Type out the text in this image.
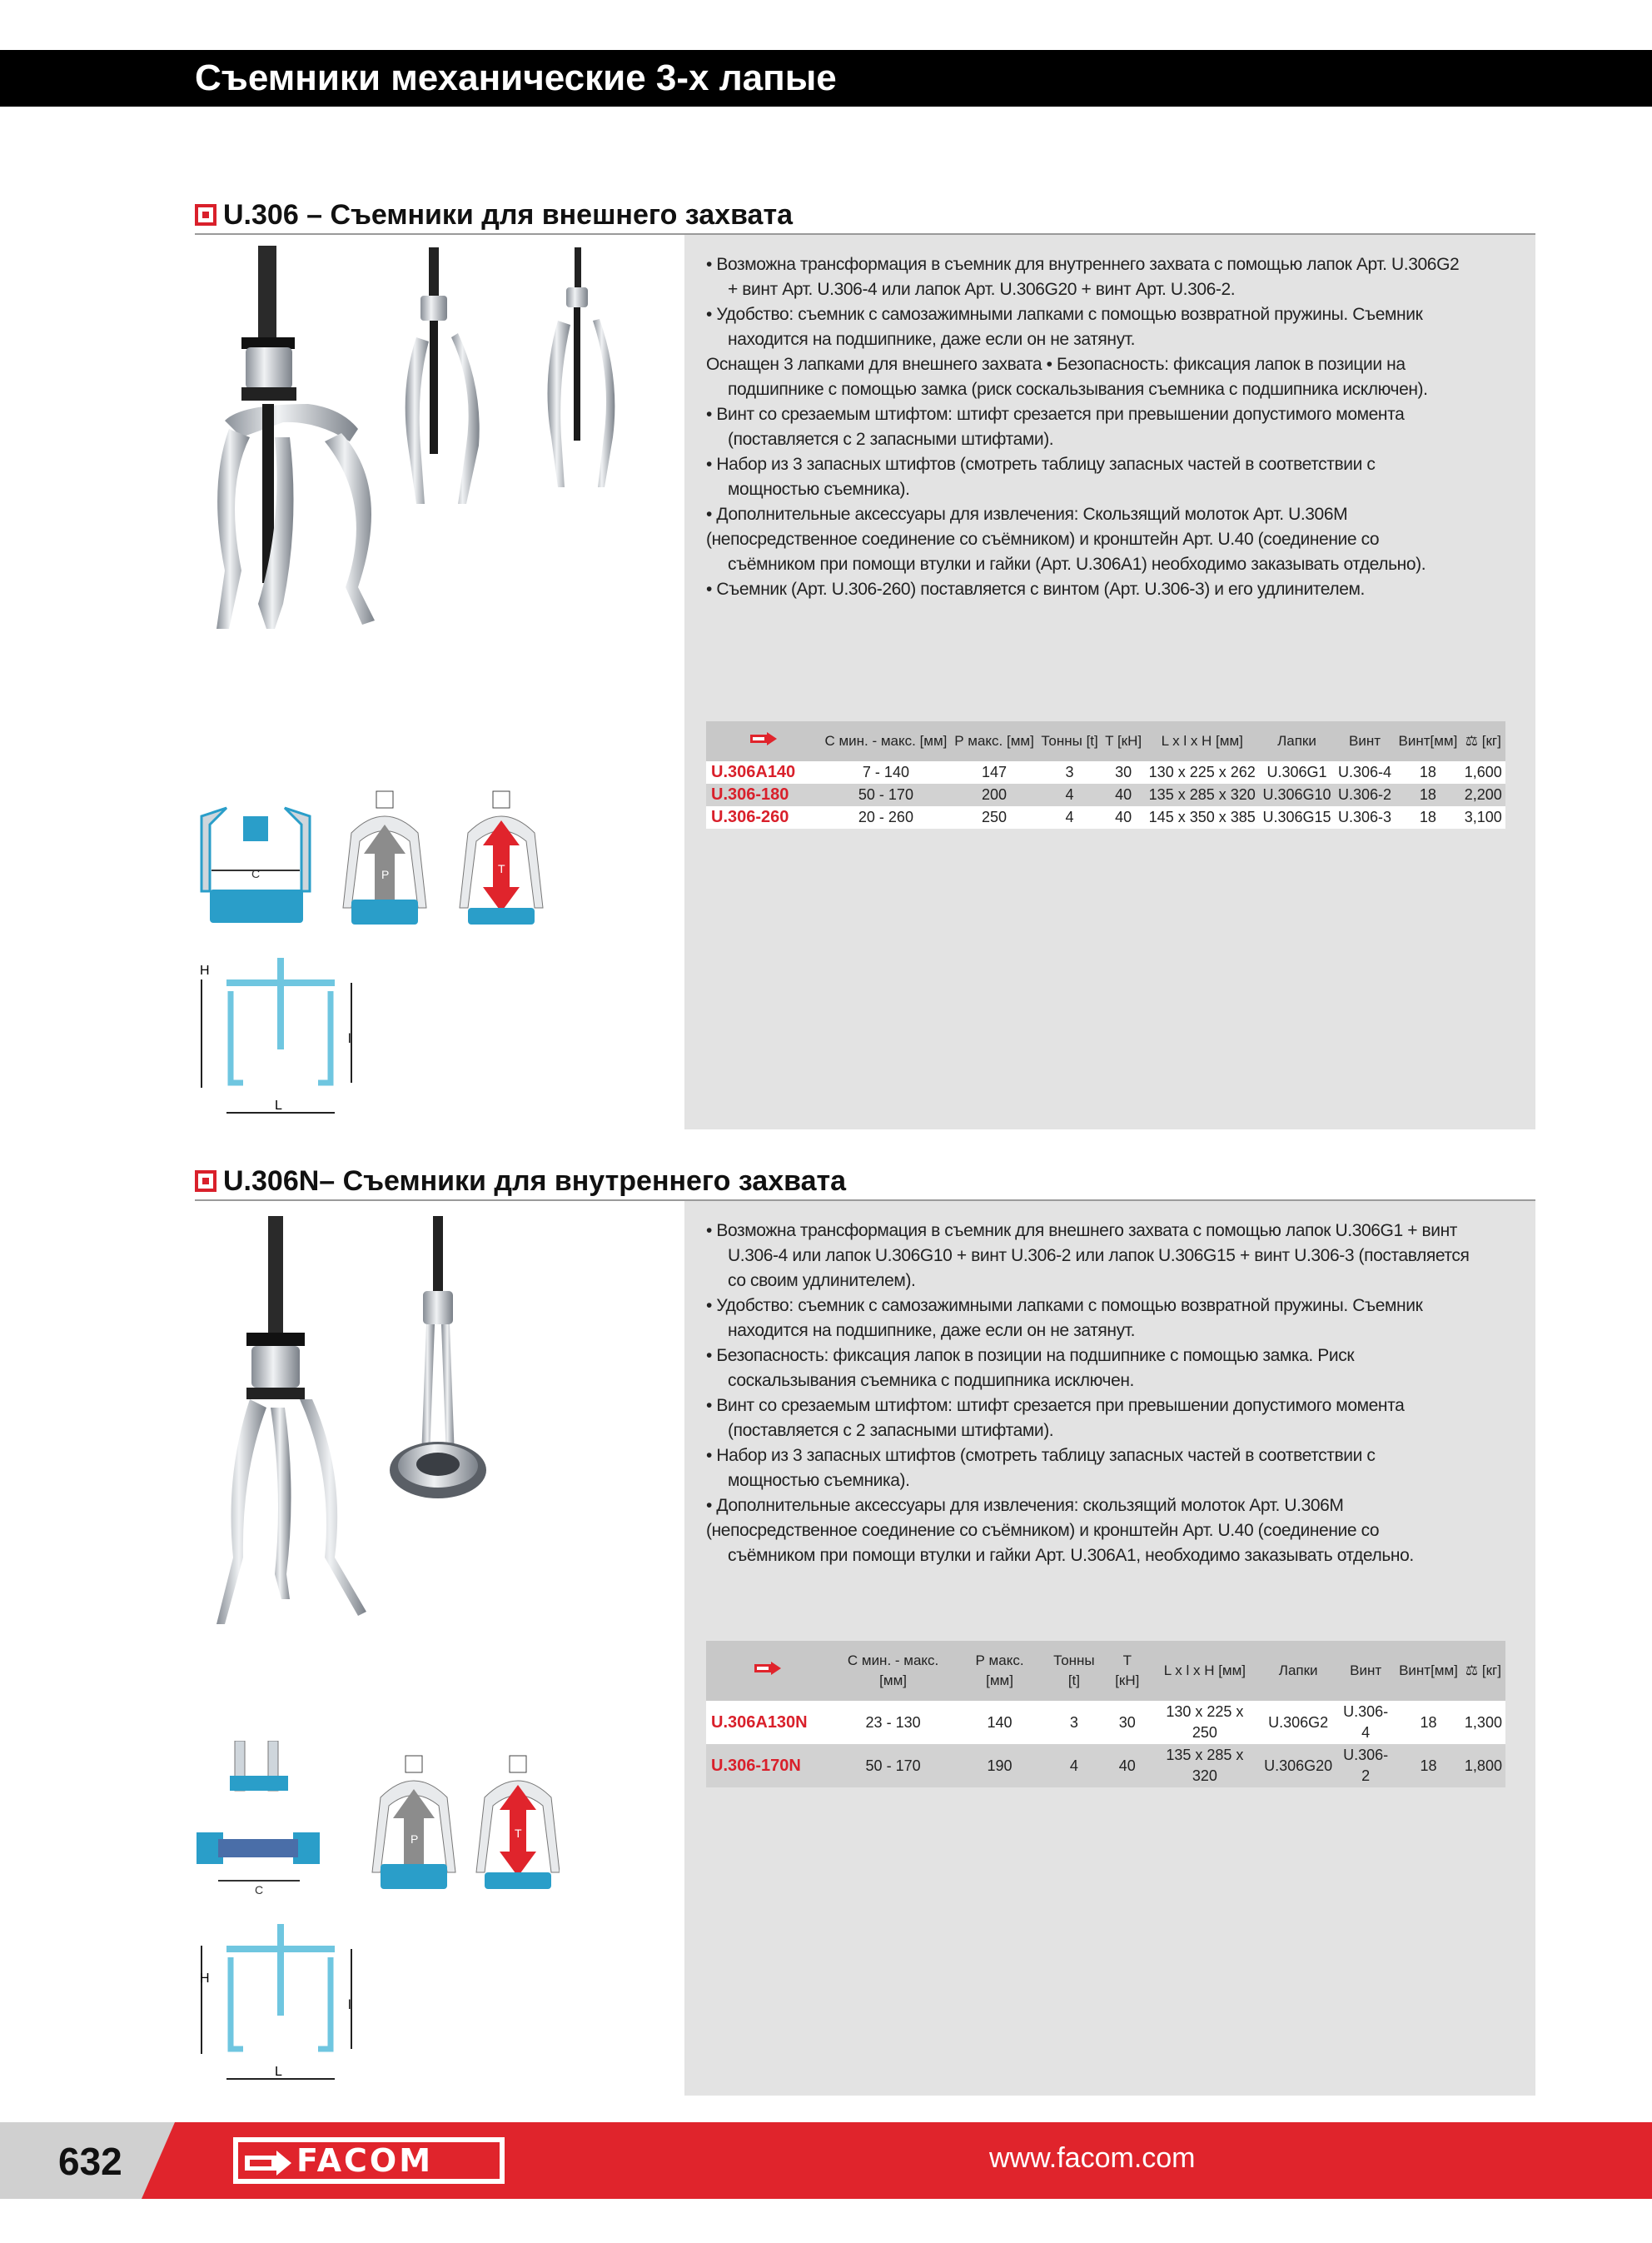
Съемники механические 3-х лапые
U.306 – Съемники для внешнего захвата

• Возможна трансформация в съемник для внутреннего захвата с помощью лапок Арт. U.306G2

+ винт Арт. U.306-4 или лапок Арт. U.306G20 + винт Арт. U.306-2.

• Удобство: съемник с самозажимными лапками с помощью возвратной пружины. Съемник

находится на подшипнике, даже если он не затянут.

Оснащен 3 лапками для внешнего захвата • Безопасность: фиксация лапок в позиции на

подшипнике с помощью замка (риск соскальзывания съемника с подшипника исключен).

• Винт со срезаемым штифтом: штифт срезается при превышении допустимого момента

(поставляется с 2 запасными штифтами).

• Набор из 3 запасных штифтов (смотреть таблицу запасных частей в соответствии с

мощностью съемника).

• Дополнительные аксессуары для извлечения: Скользящий молоток Арт. U.306M

(непосредственное соединение со съёмником) и кронштейн Арт. U.40 (соединение со

съёмником при помощи втулки и гайки (Арт. U.306A1) необходимо заказывать отдельно).

• Съемник (Арт. U.306-260) поставляется с винтом (Арт. U.306-3) и его удлинителем.

	С мин. - макс. [мм]	Р макс. [мм]	Тонны [t]	T [кН]	L x l x H [мм]	Лапки	Винт	Винт[мм]	⚖ [кг]
U.306A140	7 - 140	147	3	30	130 x 225 x 262	U.306G1	U.306-4	18	1,600
U.306-180	50 - 170	200	4	40	135 x 285 x 320	U.306G10	U.306-2	18	2,200
U.306-260	20 - 260	250	4	40	145 x 350 x 385	U.306G15	U.306-3	18	3,100
C	P	T
H
l
L
U.306N– Съемники для внутреннего захвата

• Возможна трансформация в съемник для внешнего захвата с помощью лапок U.306G1 + винт

U.306-4 или лапок U.306G10 + винт U.306-2 или лапок U.306G15 + винт U.306-3 (поставляется

со своим удлинителем).

• Удобство: съемник с самозажимными лапками с помощью возвратной пружины. Съемник

находится на подшипнике, даже если он не затянут.

• Безопасность: фиксация лапок в позиции на подшипнике с помощью замка. Риск

соскальзывания съемника с подшипника исключен.

• Винт со срезаемым штифтом: штифт срезается при превышении допустимого момента

(поставляется с 2 запасными штифтами).

• Набор из 3 запасных штифтов (смотреть таблицу запасных частей в соответствии с

мощностью съемника).

• Дополнительные аксессуары для извлечения: скользящий молоток Арт. U.306M

(непосредственное соединение со съёмником) и кронштейн Арт. U.40 (соединение со

съёмником при помощи втулки и гайки Арт. U.306A1, необходимо заказывать отдельно.

	С мин. - макс. [мм]	Р макс. [мм]	Тонны [t]	T [кН]	L x l x H [мм]	Лапки	Винт	Винт[мм]	⚖ [кг]
U.306A130N	23 - 130	140	3	30	130 x 225 x 250	U.306G2	U.306-4	18	1,300
U.306-170N	50 - 170	190	4	40	135 x 285 x 320	U.306G20	U.306-2	18	1,800
C
P	T
H
l
L
632	FACOM	www.facom.com
